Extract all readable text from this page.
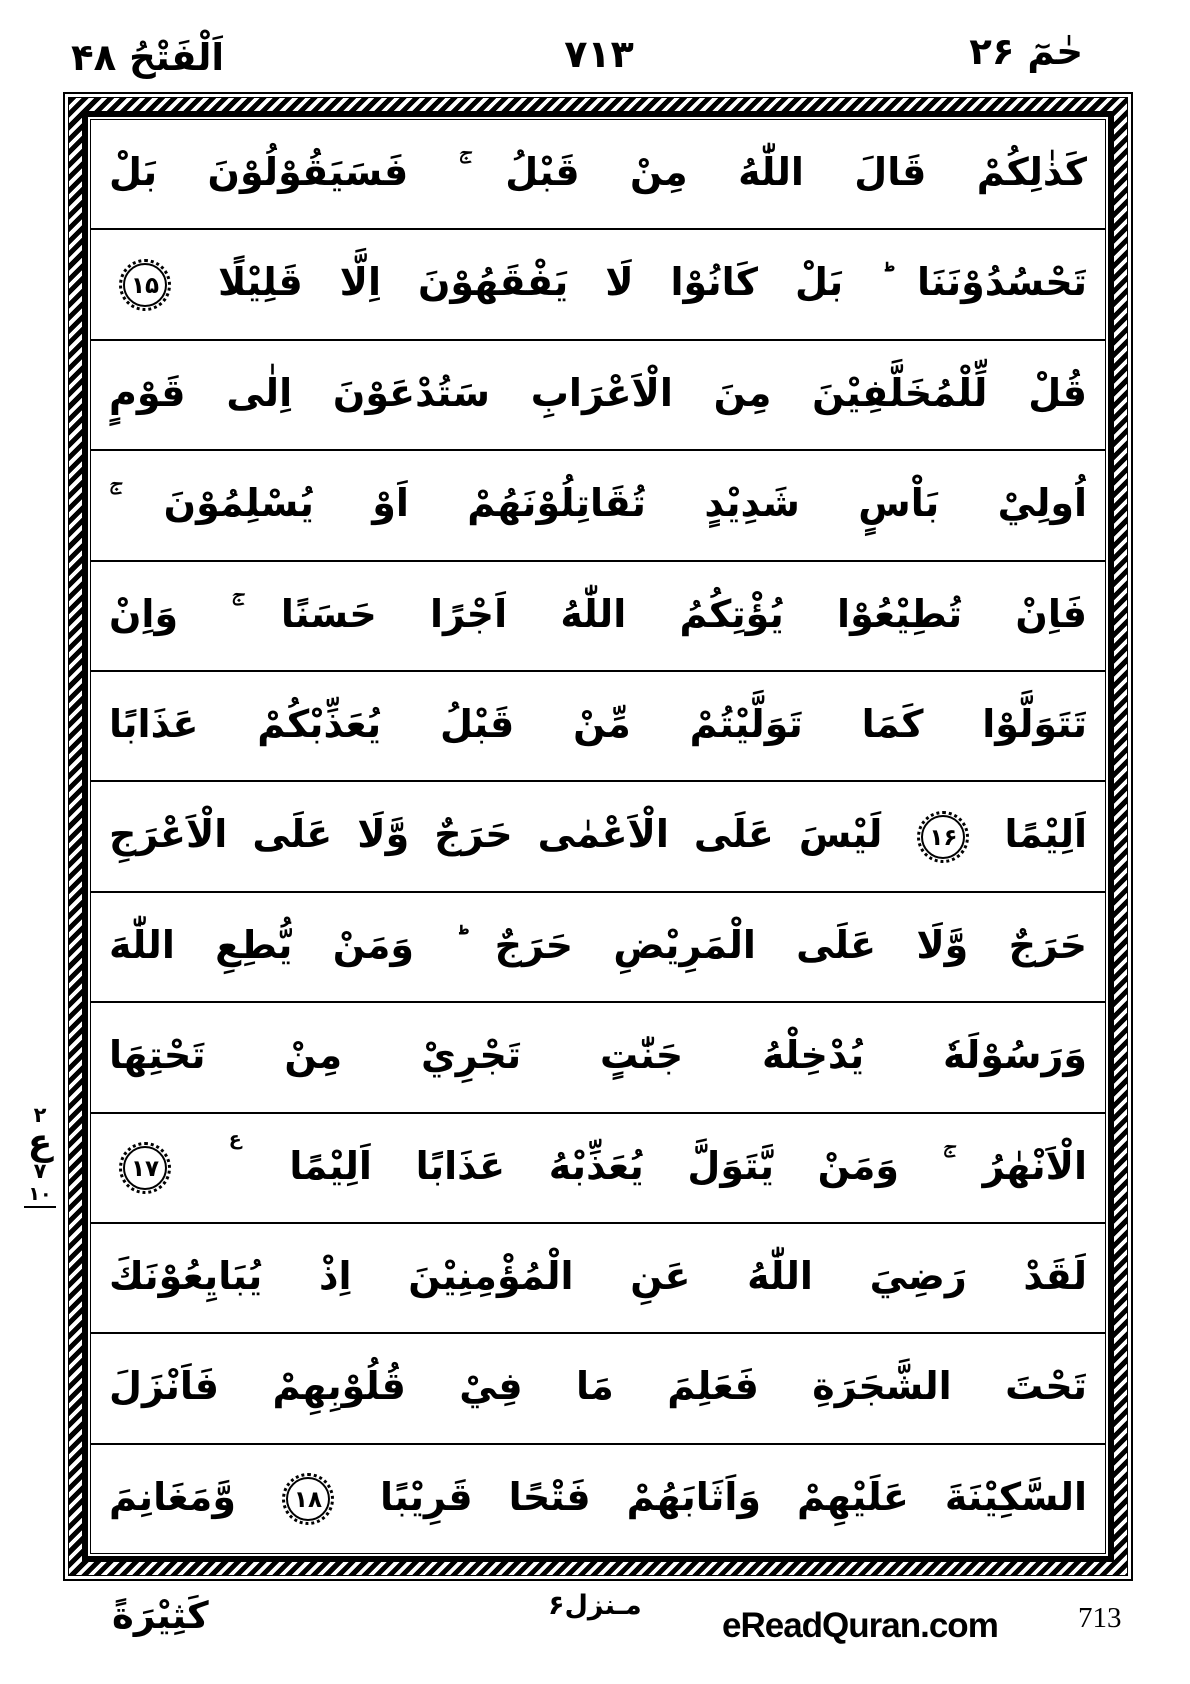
اَلْفَتْحُ ۴۸	۷۱۳	حٰمٓ ۲۶
كَذٰلِكُمْ قَالَ اللّٰهُ مِنْ قَبْلُ ۚ فَسَيَقُوْلُوْنَ بَلْ
تَحْسُدُوْنَنَا ؕ بَلْ كَانُوْا لَا يَفْقَهُوْنَ اِلَّا قَلِيْلًا ۱۵
قُلْ لِّلْمُخَلَّفِيْنَ مِنَ الْاَعْرَابِ سَتُدْعَوْنَ اِلٰى قَوْمٍ
اُولِيْ بَاْسٍ شَدِيْدٍ تُقَاتِلُوْنَهُمْ اَوْ يُسْلِمُوْنَ ۚ
فَاِنْ تُطِيْعُوْا يُؤْتِكُمُ اللّٰهُ اَجْرًا حَسَنًا ۚ وَاِنْ
تَتَوَلَّوْا كَمَا تَوَلَّيْتُمْ مِّنْ قَبْلُ يُعَذِّبْكُمْ عَذَابًا
اَلِيْمًا ۱۶ لَيْسَ عَلَى الْاَعْمٰى حَرَجٌ وَّلَا عَلَى الْاَعْرَجِ
حَرَجٌ وَّلَا عَلَى الْمَرِيْضِ حَرَجٌ ؕ وَمَنْ يُّطِعِ اللّٰهَ
وَرَسُوْلَهٗ يُدْخِلْهُ جَنّٰتٍ تَجْرِيْ مِنْ تَحْتِهَا
الْاَنْهٰرُ ۚ وَمَنْ يَّتَوَلَّ يُعَذِّبْهُ عَذَابًا اَلِيْمًا ع ۱۷
لَقَدْ رَضِيَ اللّٰهُ عَنِ الْمُؤْمِنِيْنَ اِذْ يُبَايِعُوْنَكَ
تَحْتَ الشَّجَرَةِ فَعَلِمَ مَا فِيْ قُلُوْبِهِمْ فَاَنْزَلَ
السَّكِيْنَةَ عَلَيْهِمْ وَاَثَابَهُمْ فَتْحًا قَرِيْبًا ۱۸ وَّمَغَانِمَ
۲
ع
۷
۱۰
كَثِيْرَةً	مـنزل۶
eReadQuran.com	713
